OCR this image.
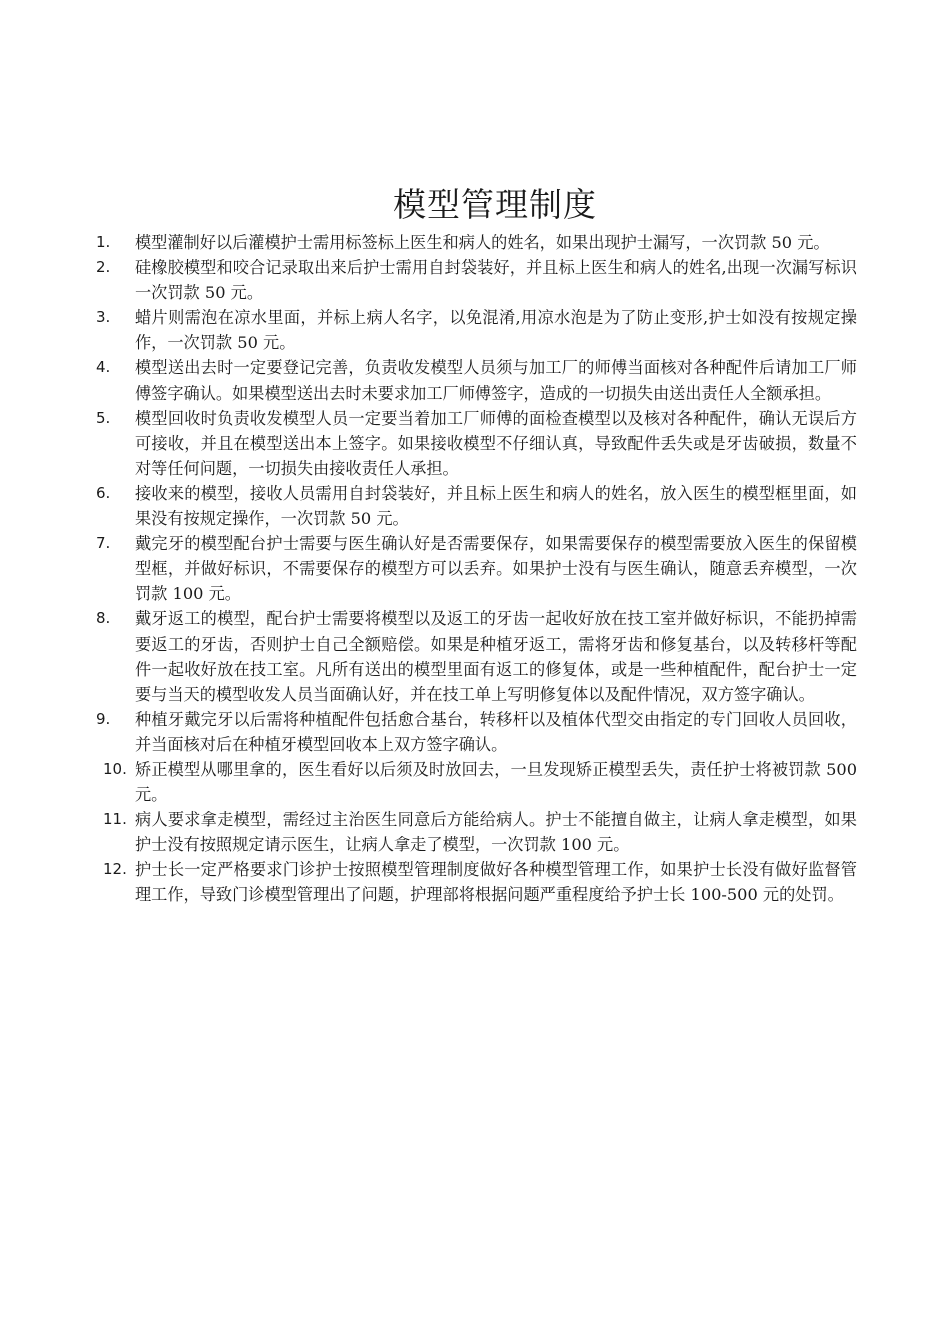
模型管理制度
1.	模型灌制好以后灌模护士需用标签标上医生和病人的姓名，如果出现护士漏写，一次罚款 50 元。
2.	硅橡胶模型和咬合记录取出来后护士需用自封袋装好，并且标上医生和病人的姓名,出现一次漏写标识一次罚款 50 元。
3.	蜡片则需泡在凉水里面，并标上病人名字，以免混淆,用凉水泡是为了防止变形,护士如没有按规定操作，一次罚款 50 元。
4.	模型送出去时一定要登记完善，负责收发模型人员须与加工厂的师傅当面核对各种配件后请加工厂师傅签字确认。如果模型送出去时未要求加工厂师傅签字，造成的一切损失由送出责任人全额承担。
5.	模型回收时负责收发模型人员一定要当着加工厂师傅的面检查模型以及核对各种配件，确认无误后方可接收，并且在模型送出本上签字。如果接收模型不仔细认真，导致配件丢失或是牙齿破损，数量不对等任何问题，一切损失由接收责任人承担。
6.	接收来的模型，接收人员需用自封袋装好，并且标上医生和病人的姓名，放入医生的模型框里面，如果没有按规定操作，一次罚款 50 元。
7.	戴完牙的模型配台护士需要与医生确认好是否需要保存，如果需要保存的模型需要放入医生的保留模型框，并做好标识，不需要保存的模型方可以丢弃。如果护士没有与医生确认，随意丢弃模型，一次罚款 100 元。
8.	戴牙返工的模型，配台护士需要将模型以及返工的牙齿一起收好放在技工室并做好标识，不能扔掉需要返工的牙齿，否则护士自己全额赔偿。如果是种植牙返工，需将牙齿和修复基台，以及转移杆等配件一起收好放在技工室。凡所有送出的模型里面有返工的修复体，或是一些种植配件，配台护士一定要与当天的模型收发人员当面确认好，并在技工单上写明修复体以及配件情况，双方签字确认。
9.	种植牙戴完牙以后需将种植配件包括愈合基台，转移杆以及植体代型交由指定的专门回收人员回收，并当面核对后在种植牙模型回收本上双方签字确认。
10. 矫正模型从哪里拿的，医生看好以后须及时放回去，一旦发现矫正模型丢失，责任护士将被罚款 500 元。
11. 病人要求拿走模型，需经过主治医生同意后方能给病人。护士不能擅自做主，让病人拿走模型，如果护士没有按照规定请示医生，让病人拿走了模型，一次罚款 100 元。
12. 护士长一定严格要求门诊护士按照模型管理制度做好各种模型管理工作，如果护士长没有做好监督管理工作，导致门诊模型管理出了问题，护理部将根据问题严重程度给予护士长 100-500 元的处罚。
